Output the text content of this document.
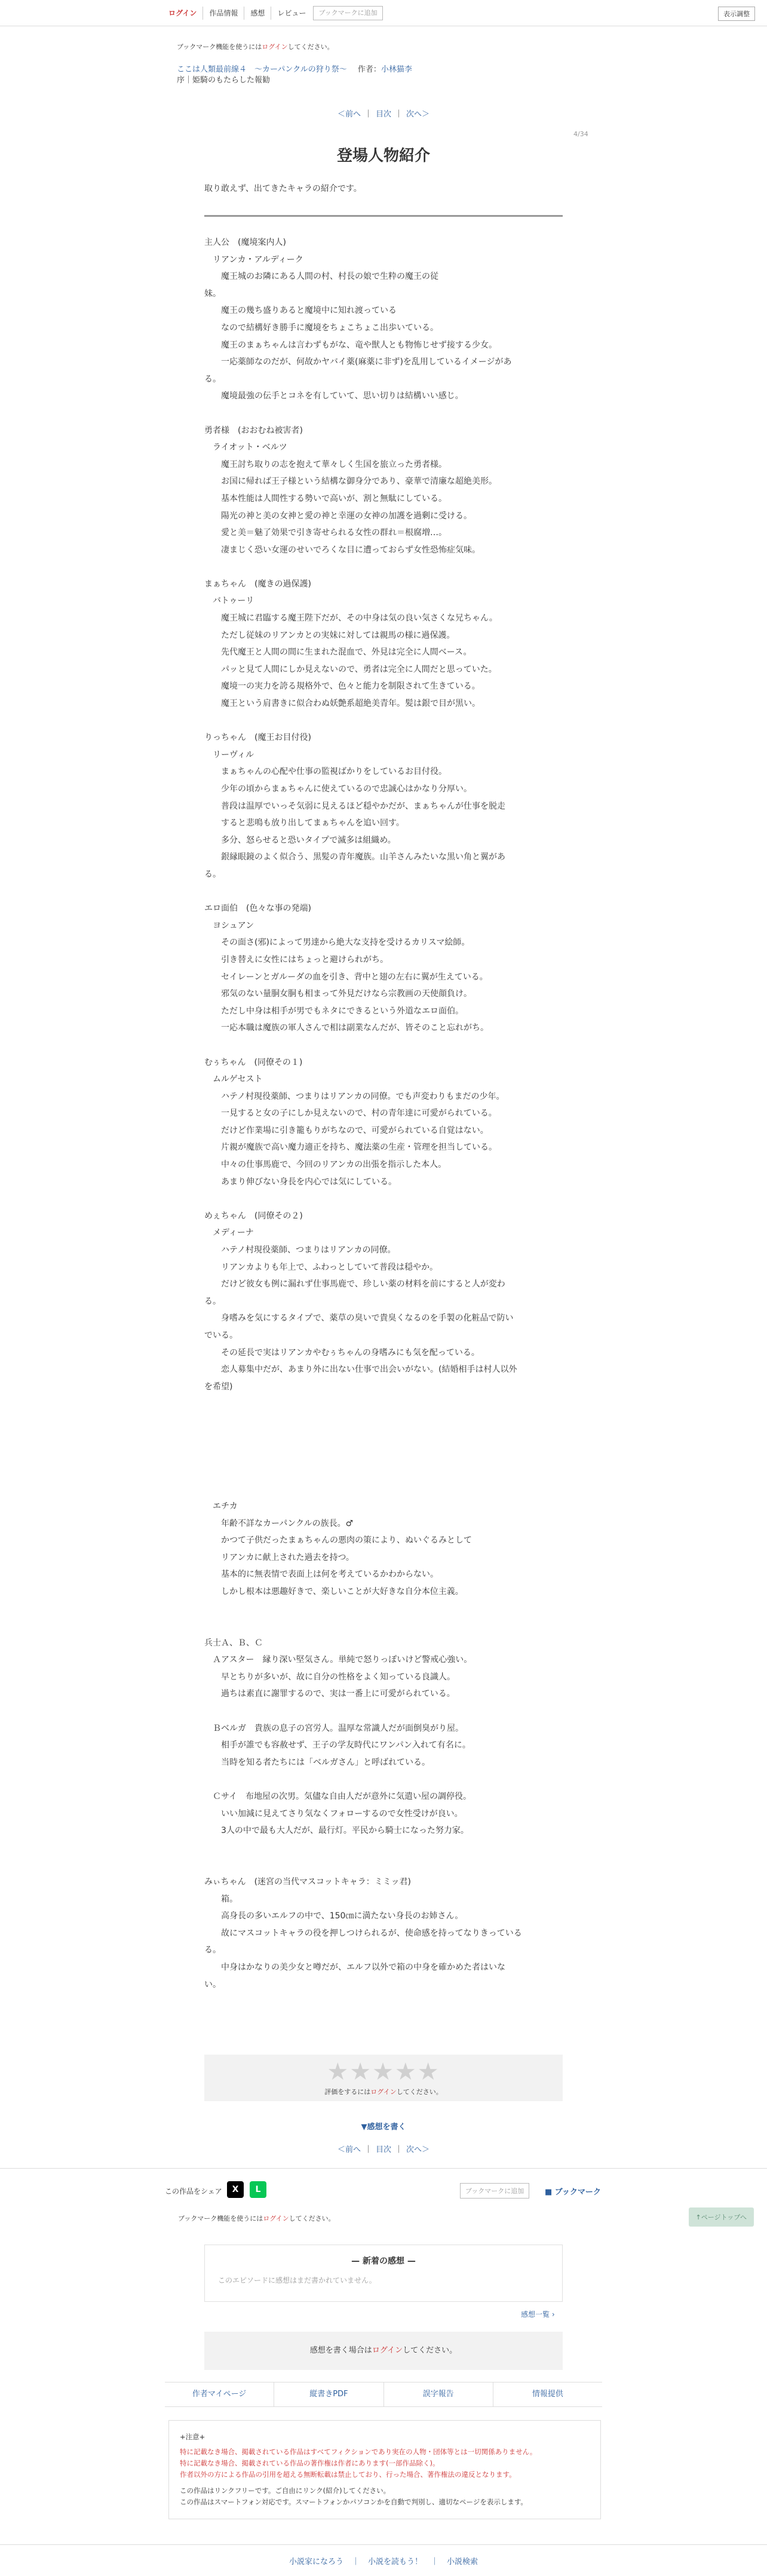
ログイン	作品情報	感想	レビュー	ブックマークに追加	表示調整
ブックマーク機能を使うにはログインしてください。
ここは人類最前線４　～カーパンクルの狩り祭～ 作者：小林猫李
序｜姫騎のもたらした報勧
＜前へ ｜ 目次 ｜ 次へ＞
4/34
登場人物紹介

取り敢えず、出てきたキャラの紹介です。

主人公　(魔境案内人)

　リアンカ・アルディーク

　　魔王城のお隣にある人間の村、村長の娘で生粋の魔王の従

妹。

　　魔王の幾ち盛りあると魔境中に知れ渡っている

　　なので結構好き勝手に魔境をちょこちょこ出歩いている。

　　魔王のまぁちゃんは言わずもがな、竜や獣人とも物怖じせず接する少女。

　　一応薬師なのだが、何故かヤバイ薬(麻薬に非ず)を乱用しているイメージがあ

る。

　　魔境最強の伝手とコネを有していて、思い切りは結構いい感じ。

勇者様　(おおむね被害者)

　ライオット・ベルツ

　　魔王討ち取りの志を抱えて華々しく生国を旅立った勇者様。

　　お国に帰れば王子様という結構な御身分であり、豪華で清廉な超絶美形。

　　基本性能は人間性する勢いで高いが、割と無駄にしている。

　　陽光の神と美の女神と愛の神と幸運の女神の加護を過剰に受ける。

　　愛と美＝魅了効果で引き寄せられる女性の群れ＝根腐増…。

　　凄まじく恐い女運のせいでろくな目に遭っておらず女性恐怖症気味。

まぁちゃん　(魔きの過保護)

　バトゥーリ

　　魔王城に君臨する魔王陛下だが、その中身は気の良い気さくな兄ちゃん。

　　ただし従妹のリアンカとの実妹に対しては親馬の様に過保護。

　　先代魔王と人間の間に生まれた混血で、外見は完全に人間ベース。

　　パッと見て人間にしか見えないので、勇者は完全に人間だと思っていた。

　　魔境一の実力を誇る規格外で、色々と能力を制限されて生きている。

　　魔王という肩書きに似合わぬ妖艶系超絶美青年。髪は銀で目が黒い。

りっちゃん　(魔王お目付役)

　リーヴィル

　　まぁちゃんの心配や仕事の監視ばかりをしているお目付役。

　　少年の頃からまぁちゃんに使えているので忠誠心はかなり分厚い。

　　普段は温厚でいっそ気弱に見えるほど穏やかだが、まぁちゃんが仕事を脱走

　　すると悲鳴も放り出してまぁちゃんを追い回す。

　　多分、怒らせると恐いタイプで滅多は組織め。

　　銀縁眼鏡のよく似合う、黒髪の青年魔族。山羊さんみたいな黒い角と翼があ

る。

エロ面伯　(色々な事の発端)

　ヨシュアン

　　その面さ(邪)によって男達から絶大な支持を受けるカリスマ絵師。

　　引き替えに女性にはちょっと避けられがち。

　　セイレーンとガルーダの血を引き、背中と翅の左右に翼が生えている。

　　邪気のない量胴女胴も相まって外見だけなら宗教画の天使顔負け。

　　ただし中身は相手が男でもネタにできるという外道なエロ面伯。

　　一応本職は魔族の軍人さんで相は副業なんだが、皆そのこと忘れがち。

むぅちゃん　(同僚その１)

　ムルゲセスト

　　ハテノ村現役薬師、つまりはリアンカの同僚。でも声変わりもまだの少年。

　　一見すると女の子にしか見えないので、村の青年達に可愛がられている。

　　だけど作業場に引き籠もりがちなので、可愛がられている自覚はない。

　　片親が魔族で高い魔力適正を持ち、魔法薬の生産・管理を担当している。

　　中々の仕事馬鹿で、今回のリアンカの出張を指示した本人。

　　あまり伸びない身長を内心では気にしている。

めぇちゃん　(同僚その２)

　メディーナ

　　ハテノ村現役薬師、つまりはリアンカの同僚。

　　リアンカよりも年上で、ふわっとしていて普段は穏やか。

　　だけど彼女も例に漏れず仕事馬鹿で、珍しい薬の材料を前にすると人が変わ

る。

　　身嗜みを気にするタイプで、薬草の臭いで貴臭くなるのを手製の化粧品で防い

でいる。

　　その延長で実はリアンカやむぅちゃんの身嗜みにも気を配っている。

　　恋人募集中だが、あまり外に出ない仕事で出会いがない。(結婚相手は村人以外

を希望)

　エチカ

　　年齢不詳なカーパンクルの族長。♂

　　かつて子供だったまぁちゃんの悪肉の策により、ぬいぐるみとして

　　リアンカに献上された過去を持つ。

　　基本的に無表情で表面上は何を考えているかわからない。

　　しかし根本は悪趣好きで、楽しいことが大好きな自分本位主義。

兵士Ａ、Ｂ、Ｃ

　Ａアスター　縁り深い堅気さん。単純で怒りっぽいけど警戒心強い。

　　早とちりが多いが、故に自分の性格をよく知っている良識人。

　　過ちは素直に謝罪するので、実は一番上に可愛がられている。

　Ｂベルガ　貴族の息子の宮労人。温厚な常識人だが面倒臭がり屋。

　　相手が誰でも容赦せず、王子の学友時代にワンパン入れて有名に。

　　当時を知る者たちには「ベルガさん」と呼ばれている。

　Ｃサイ　布地屋の次男。気儘な自由人だが意外に気遣い屋の調停役。

　　いい加減に見えてさり気なくフォローするので女性受けが良い。

　　3人の中で最も大人だが、最行灯。平民から騎士になった努力家。

みぃちゃん　(迷宮の当代マスコットキャラ：ミミッ君)

　　箱。

　　高身長の多いエルフの中で、150㎝に満たない身長のお姉さん。

　　故にマスコットキャラの役を押しつけられるが、使命感を持ってなりきっている

る。

　　中身はかなりの美少女と噂だが、エルフ以外で箱の中身を確かめた者はいな

い。

★★★★★
評価をするにはログインしてください。
▼感想を書く
＜前へ ｜ 目次 ｜ 次へ＞
この作品をシェア	X	L	ブックマークに追加	■ ブックマーク
ブックマーク機能を使うにはログインしてください。	↑ページトップへ
— 新着の感想 —
このエピソードに感想はまだ書かれていません。
感想一覧 ›
感想を書く場合はログインしてください。
作者マイページ	縦書きPDF	誤字報告	情報提供
+注意+
特に記載なき場合、掲載されている作品はすべてフィクションであり実在の人物・団体等とは一切関係ありません。
特に記載なき場合、掲載されている作品の著作権は作者にあります(一部作品除く)。
作者以外の方による作品の引用を超える無断転載は禁止しており、行った場合、著作権法の違反となります。
この作品はリンクフリーです。ご自由にリンク(紹介)してください。
この作品はスマートフォン対応です。スマートフォンかパソコンかを自動で判別し、適切なページを表示します。
小説家になろう ｜ 小説を読もう！ ｜ 小説検索
